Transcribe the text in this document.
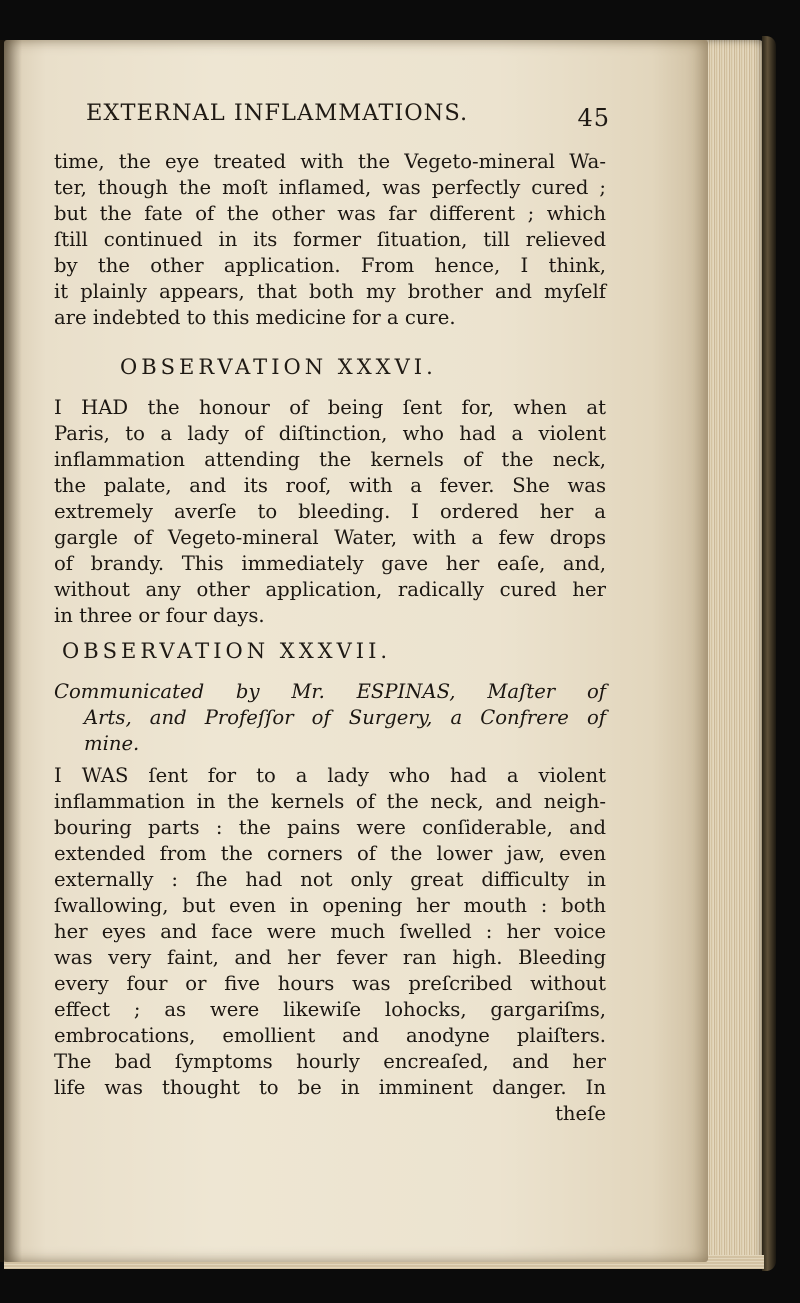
EXTERNAL INFLAMMATIONS.	45
time, the eye treated with the Vegeto-mineral Wa-
ter, though the moſt inflamed, was perfectly cured ;
but the fate of the other was far different ; which
ſtill continued in its former ſituation, till relieved
by the other application. From hence, I think,
it plainly appears, that both my brother and myſelf
are indebted to this medicine for a cure.
OBSERVATION XXXVI.
I HAD the honour of being ſent for, when at
Paris, to a lady of diſtinction, who had a violent
inflammation attending the kernels of the neck,
the palate, and its roof, with a fever. She was
extremely averſe to bleeding. I ordered her a
gargle of Vegeto-mineral Water, with a few drops
of brandy. This immediately gave her eaſe, and,
without any other application, radically cured her
in three or four days.
OBSERVATION XXXVII.
Communicated by Mr. ESPINAS, Maſter of
Arts, and Profeſſor of Surgery, a Confrere of
mine.
I WAS ſent for to a lady who had a violent
inflammation in the kernels of the neck, and neigh-
bouring parts : the pains were conſiderable, and
extended from the corners of the lower jaw, even
externally : ſhe had not only great difficulty in
ſwallowing, but even in opening her mouth : both
her eyes and face were much ſwelled : her voice
was very faint, and her fever ran high. Bleeding
every four or five hours was preſcribed without
effect ; as were likewiſe lohocks, gargariſms,
embrocations, emollient and anodyne plaiſters.
The bad ſymptoms hourly encreaſed, and her
life was thought to be in imminent danger. In
theſe
